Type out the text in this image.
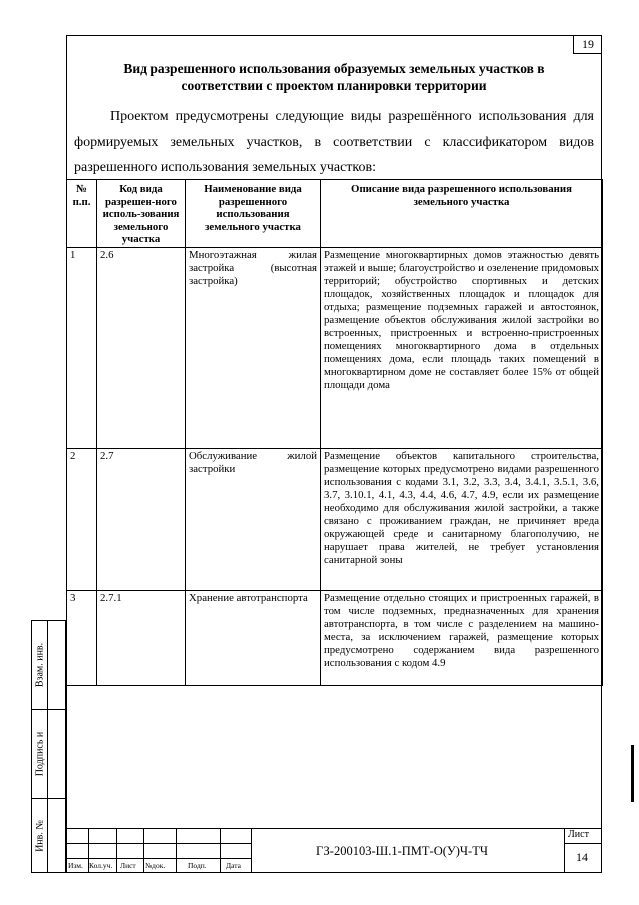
19
Вид разрешенного использования образуемых земельных участков в
соответствии с проектом планировки территории
Проектом предусмотрены следующие виды разрешённого использования для формируемых земельных участков, в соответствии с классификатором видов разрешенного использования земельных участков:
№ п.п.	Код вида разрешен-ного исполь-зования земельного участка	Наименование вида разрешенного использования земельного участка	Описание вида разрешенного использования земельного участка
1	2.6	Многоэтажная жилая застройка (высотная застройка)	Размещение многоквартирных домов этажностью девять этажей и выше; благоустройство и озеленение придомовых территорий; обустройство спортивных и детских площадок, хозяйственных площадок и площадок для отдыха; размещение подземных гаражей и автостоянок, размещение объектов обслуживания жилой застройки во встроенных, пристроенных и встроенно-пристроенных помещениях многоквартирного дома в отдельных помещениях дома, если площадь таких помещений в многоквартирном доме не составляет более 15% от общей площади дома
2	2.7	Обслуживание жилой застройки	Размещение объектов капитального строительства, размещение которых предусмотрено видами разрешенного использования с кодами 3.1, 3.2, 3.3, 3.4, 3.4.1, 3.5.1, 3.6, 3.7, 3.10.1, 4.1, 4.3, 4.4, 4.6, 4.7, 4.9, если их размещение необходимо для обслуживания жилой застройки, а также связано с проживанием граждан, не причиняет вреда окружающей среде и санитарному благополучию, не нарушает права жителей, не требует установления санитарной зоны
3	2.7.1	Хранение автотранспорта	Размещение отдельно стоящих и пристроенных гаражей, в том числе подземных, предназначенных для хранения автотранспорта, в том числе с разделением на машино-места, за исключением гаражей, размещение которых предусмотрено содержанием вида разрешенного использования с кодом 4.9
Взам. инв.
Подпись и
Инв. №
Изм. Кол.уч. Лист №док.	Подп.	Дата
ГЗ-200103-Ш.1-ПМТ-О(У)Ч-ТЧ
Лист
14
